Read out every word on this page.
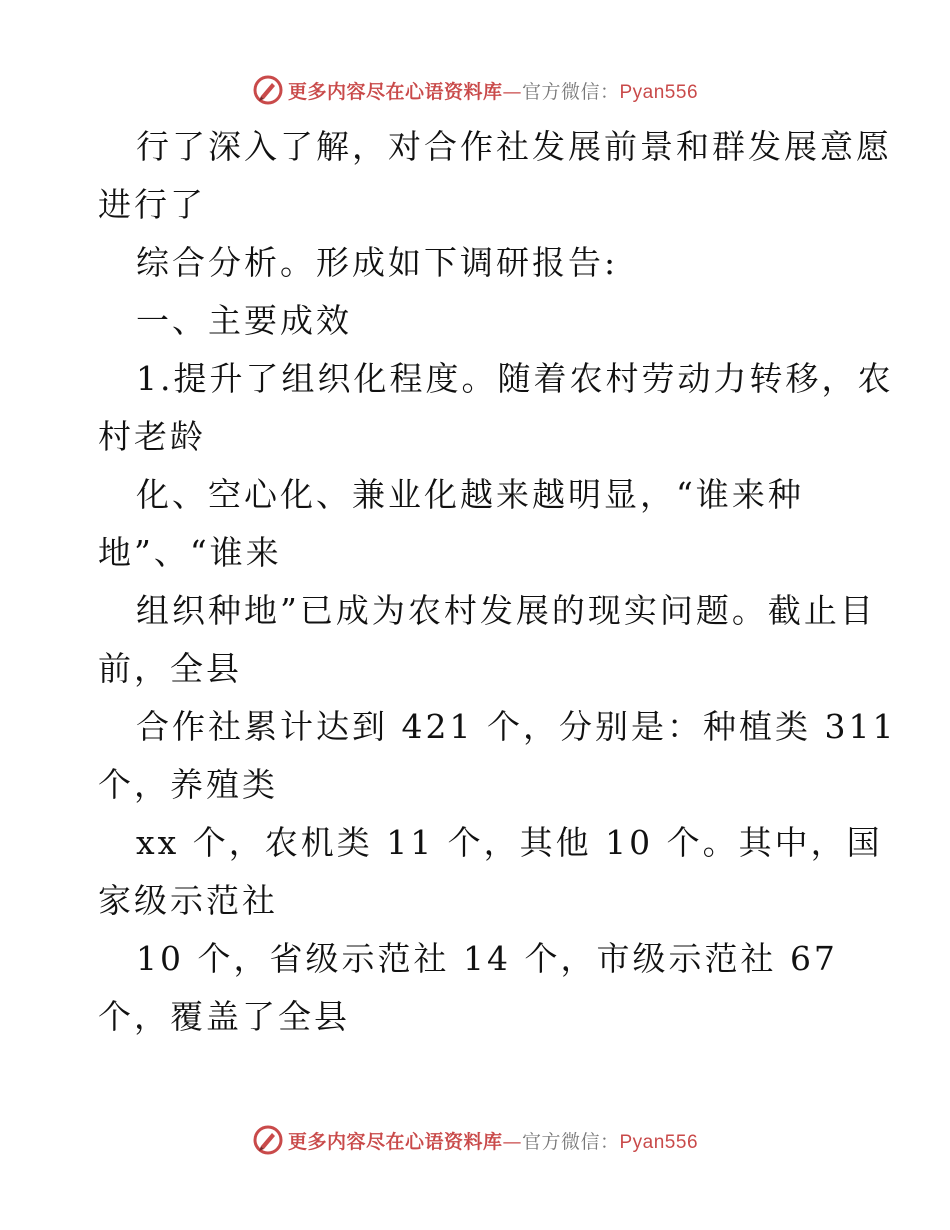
更多内容尽在心语资料库—官方微信：Pyan556
行了深入了解，对合作社发展前景和群发展意愿
进行了
综合分析。形成如下调研报告:
一、主要成效
1.提升了组织化程度。随着农村劳动力转移，农
村老龄
化、空心化、兼业化越来越明显，“谁来种
地”、“谁来
组织种地”已成为农村发展的现实问题。截止目
前，全县
合作社累计达到 421 个，分别是：种植类 311
个，养殖类
xx 个，农机类 11 个，其他 10 个。其中，国
家级示范社
10 个，省级示范社 14 个，市级示范社 67
个，覆盖了全县
更多内容尽在心语资料库—官方微信：Pyan556
